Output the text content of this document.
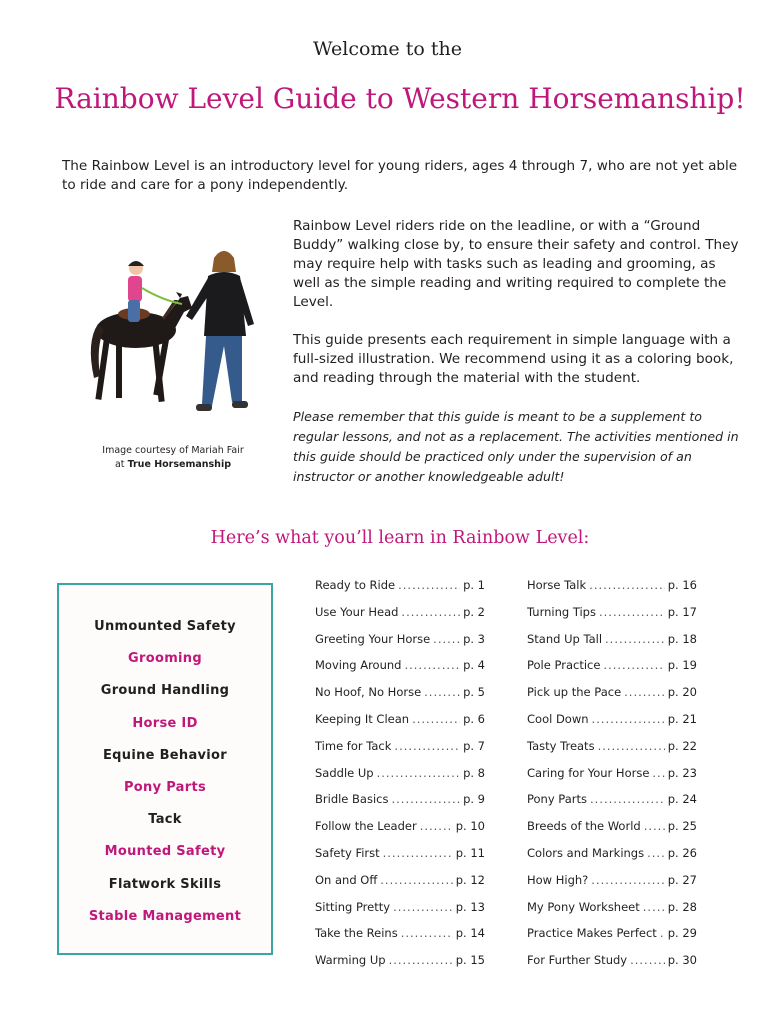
Welcome to the
Rainbow Level Guide to Western Horsemanship!
The Rainbow Level is an introductory level for young riders, ages 4 through 7, who are not yet able to ride and care for a pony independently.
Image courtesy of Mariah Fair
at True Horsemanship

Rainbow Level riders ride on the leadline, or with a “Ground Buddy” walking close by, to ensure their safety and control. They may require help with tasks such as leading and grooming, as well as the simple reading and writing required to complete the Level.

This guide presents each requirement in simple language with a full-sized illustration. We recommend using it as a coloring book, and reading through the material with the student.

Please remember that this guide is meant to be a supplement to regular lessons, and not as a replacement. The activities mentioned in this guide should be practiced only under the supervision of an instructor or another knowledgeable adult!

Here’s what you’ll learn in Rainbow Level:
Unmounted Safety
Grooming
Ground Handling
Horse ID
Equine Behavior
Pony Parts
Tack
Mounted Safety
Flatwork Skills
Stable Management
Ready to Ride .....	p. 1
Use Your Head .....	p. 2
Greeting Your Horse .....	p. 3
Moving Around .....	p. 4
No Hoof, No Horse .....	p. 5
Keeping It Clean .....	p. 6
Time for Tack .....	p. 7
Saddle Up .....	p. 8
Bridle Basics .....	p. 9
Follow the Leader .....	p. 10
Safety First .....	p. 11
On and Off .....	p. 12
Sitting Pretty .....	p. 13
Take the Reins .....	p. 14
Warming Up .....	p. 15
Horse Talk .....	p. 16
Turning Tips .....	p. 17
Stand Up Tall .....	p. 18
Pole Practice .....	p. 19
Pick up the Pace .....	p. 20
Cool Down .....	p. 21
Tasty Treats .....	p. 22
Caring for Your Horse ..... p. 23
Pony Parts .....	p. 24
Breeds of the World ..... p. 25
Colors and Markings ..... p. 26
How High? .....	p. 27
My Pony Worksheet ..... p. 28
Practice Makes Perfect ..... p. 29
For Further Study .....	p. 30
